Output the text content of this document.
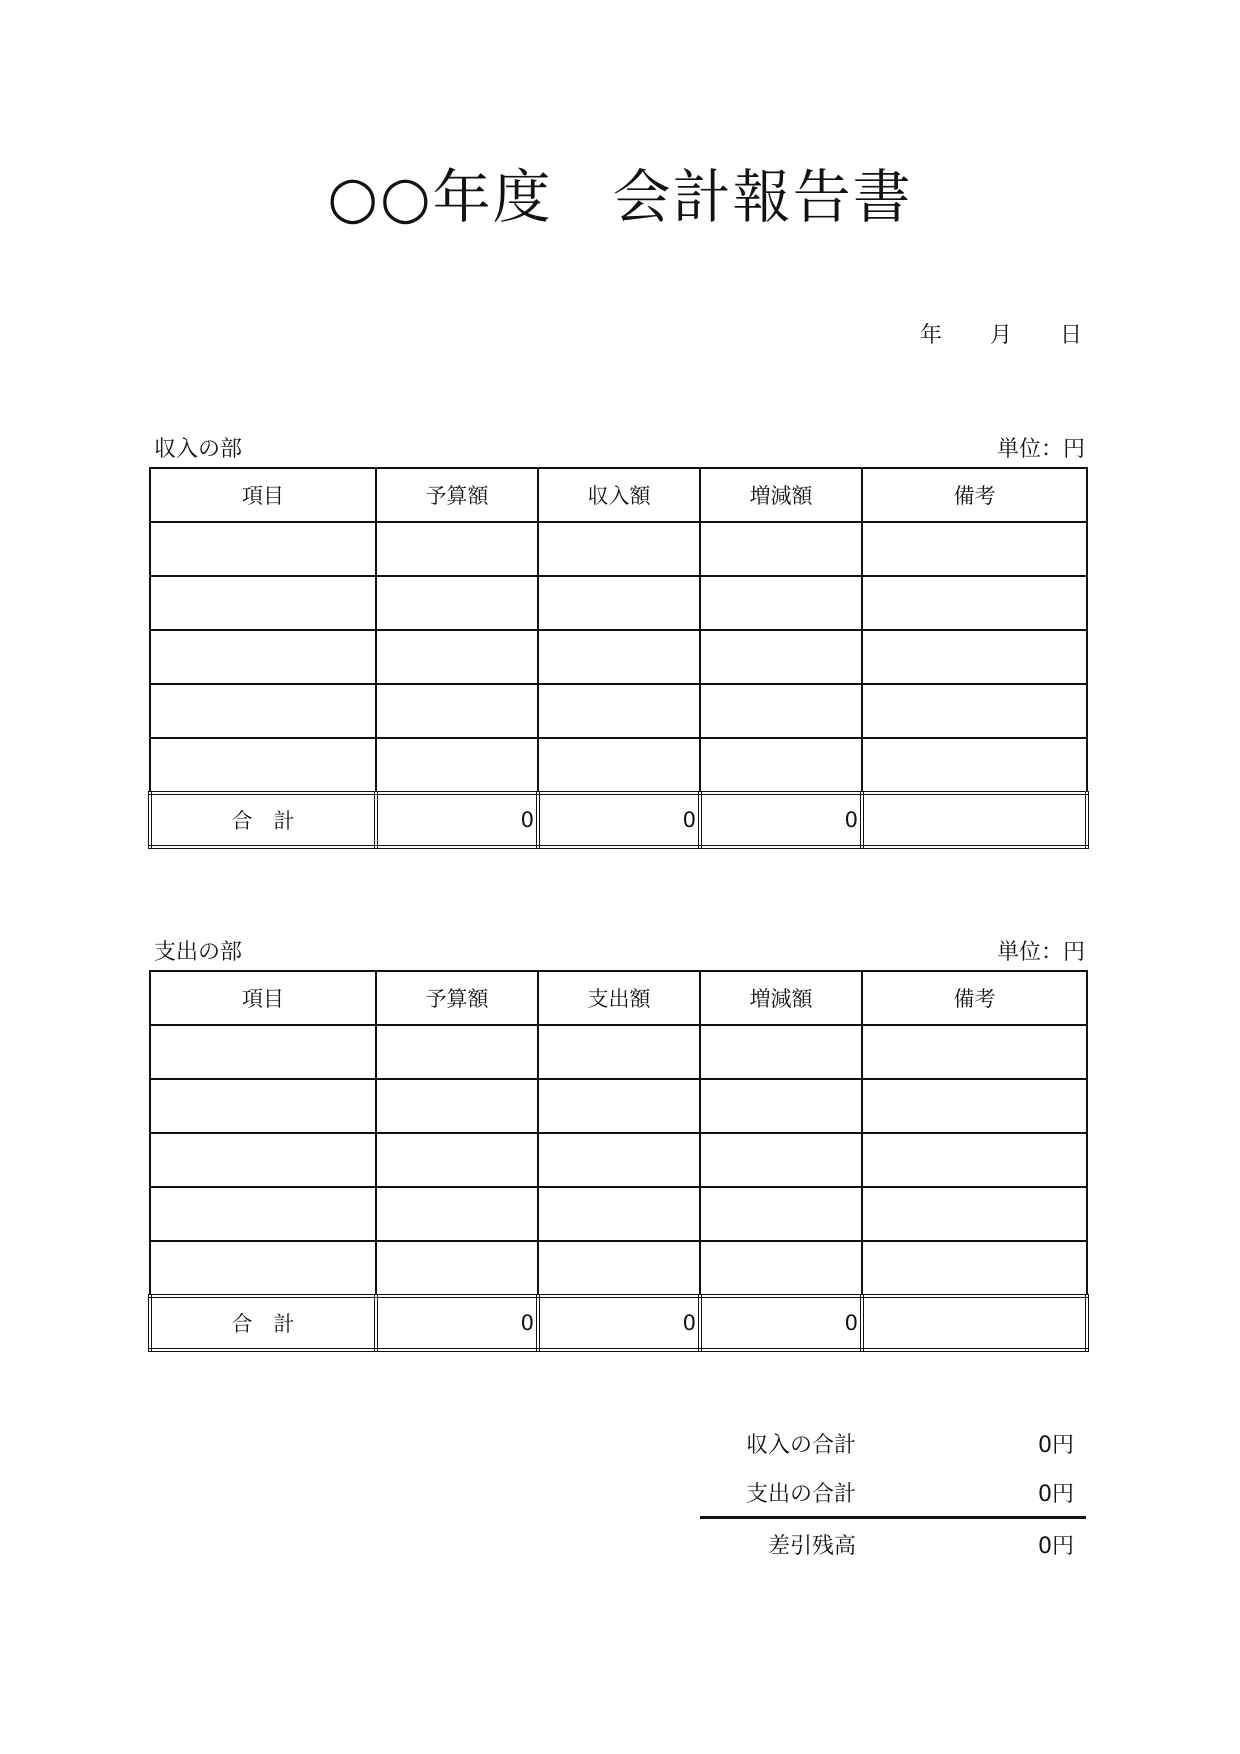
○○年度　会計報告書
年 月 日
収入の部	単位：円
項目	予算額	収入額	増減額	備考

合　計	0	0	0	
支出の部	単位：円
項目	予算額	支出額	増減額	備考

合　計	0	0	0	
収入の合計	0円
支出の合計	0円
差引残高	0円
